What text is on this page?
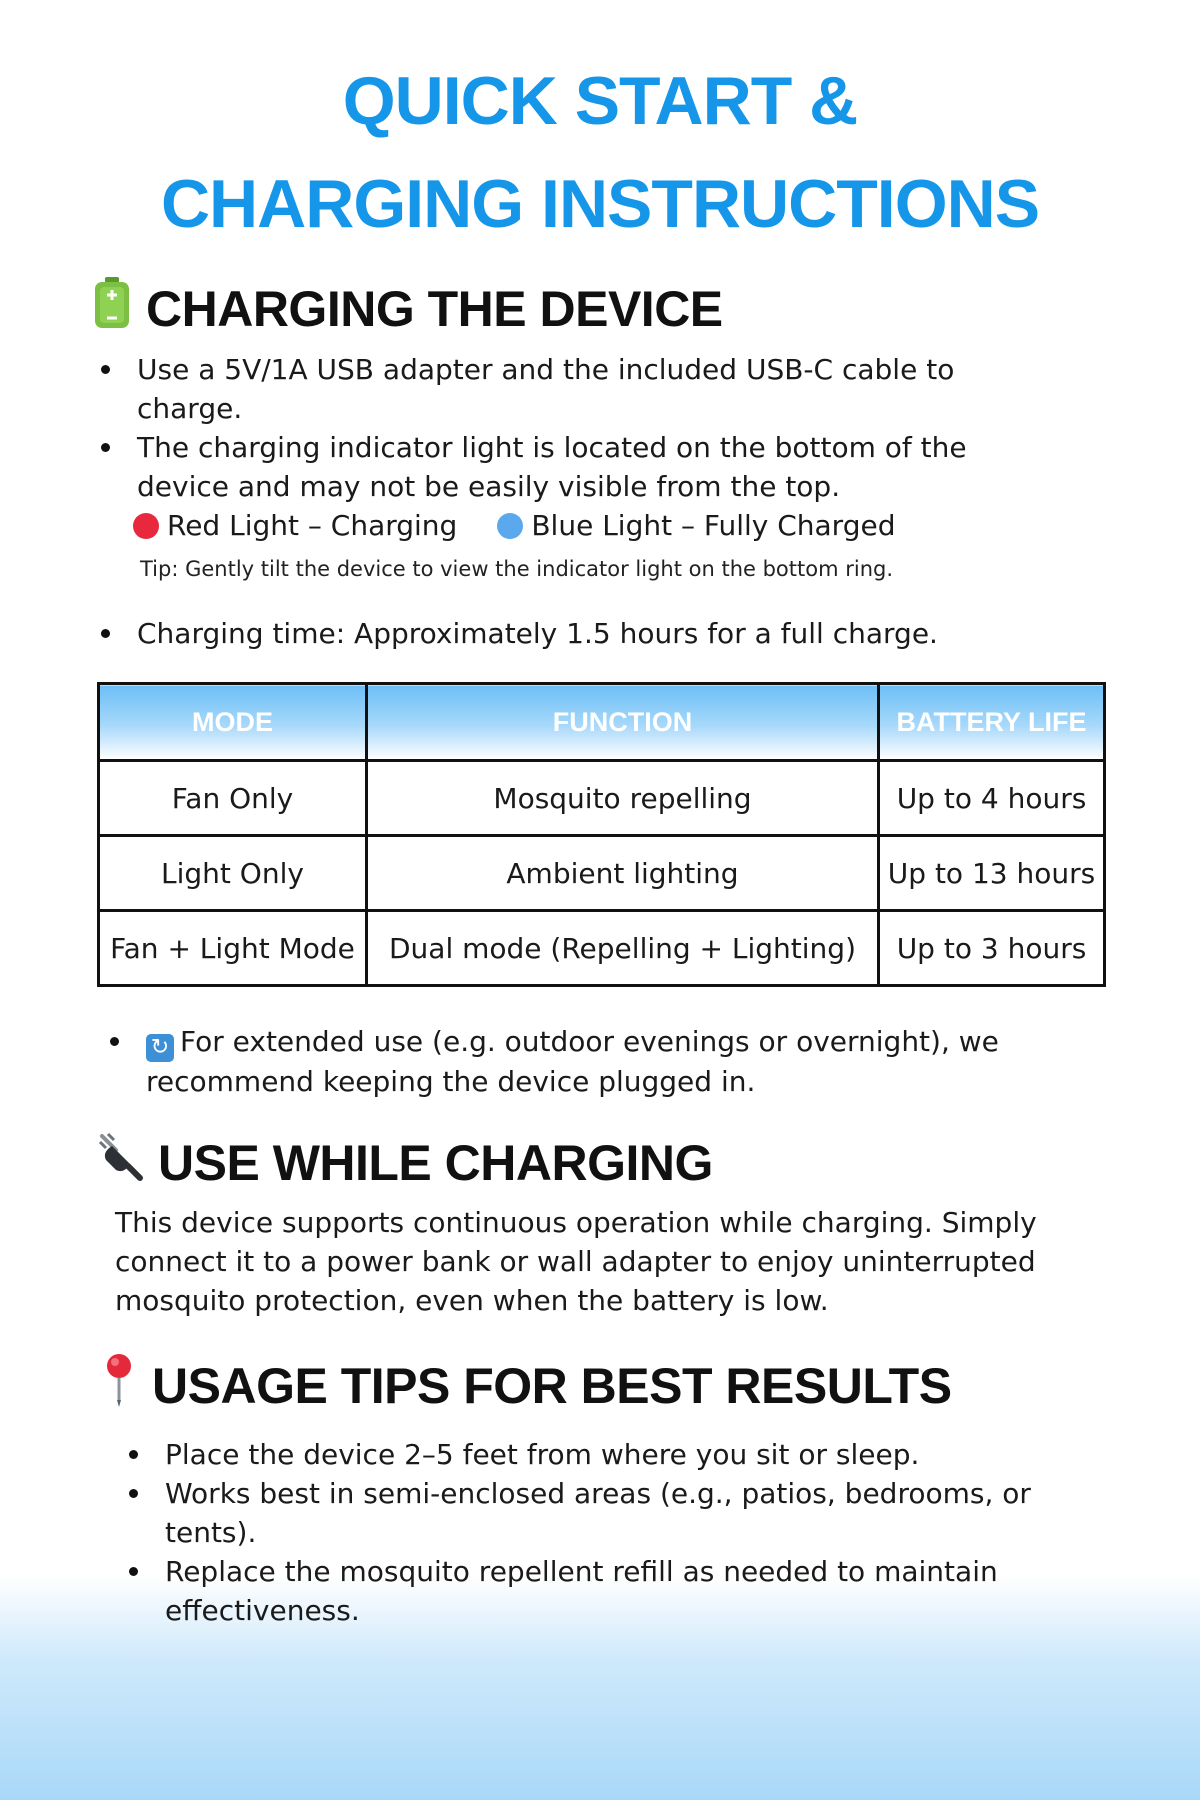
QUICK START &
CHARGING INSTRUCTIONS
CHARGING THE DEVICE
Use a 5V/1A USB adapter and the included USB-C cable to charge.
The charging indicator light is located on the bottom of the device and may not be easily visible from the top.
Red Light – Charging	Blue Light – Fully Charged
Tip: Gently tilt the device to view the indicator light on the bottom ring.
Charging time: Approximately 1.5 hours for a full charge.
MODE	FUNCTION	BATTERY LIFE
Fan Only	Mosquito repelling	Up to 4 hours
Light Only	Ambient lighting	Up to 13 hours
Fan + Light Mode	Dual mode (Repelling + Lighting)	Up to 3 hours
↻ For extended use (e.g. outdoor evenings or overnight), we recommend keeping the device plugged in.
USE WHILE CHARGING
This device supports continuous operation while charging. Simply connect it to a power bank or wall adapter to enjoy uninterrupted mosquito protection, even when the battery is low.
USAGE TIPS FOR BEST RESULTS
Place the device 2–5 feet from where you sit or sleep.
Works best in semi-enclosed areas (e.g., patios, bedrooms, or tents).
Replace the mosquito repellent refill as needed to maintain effectiveness.
